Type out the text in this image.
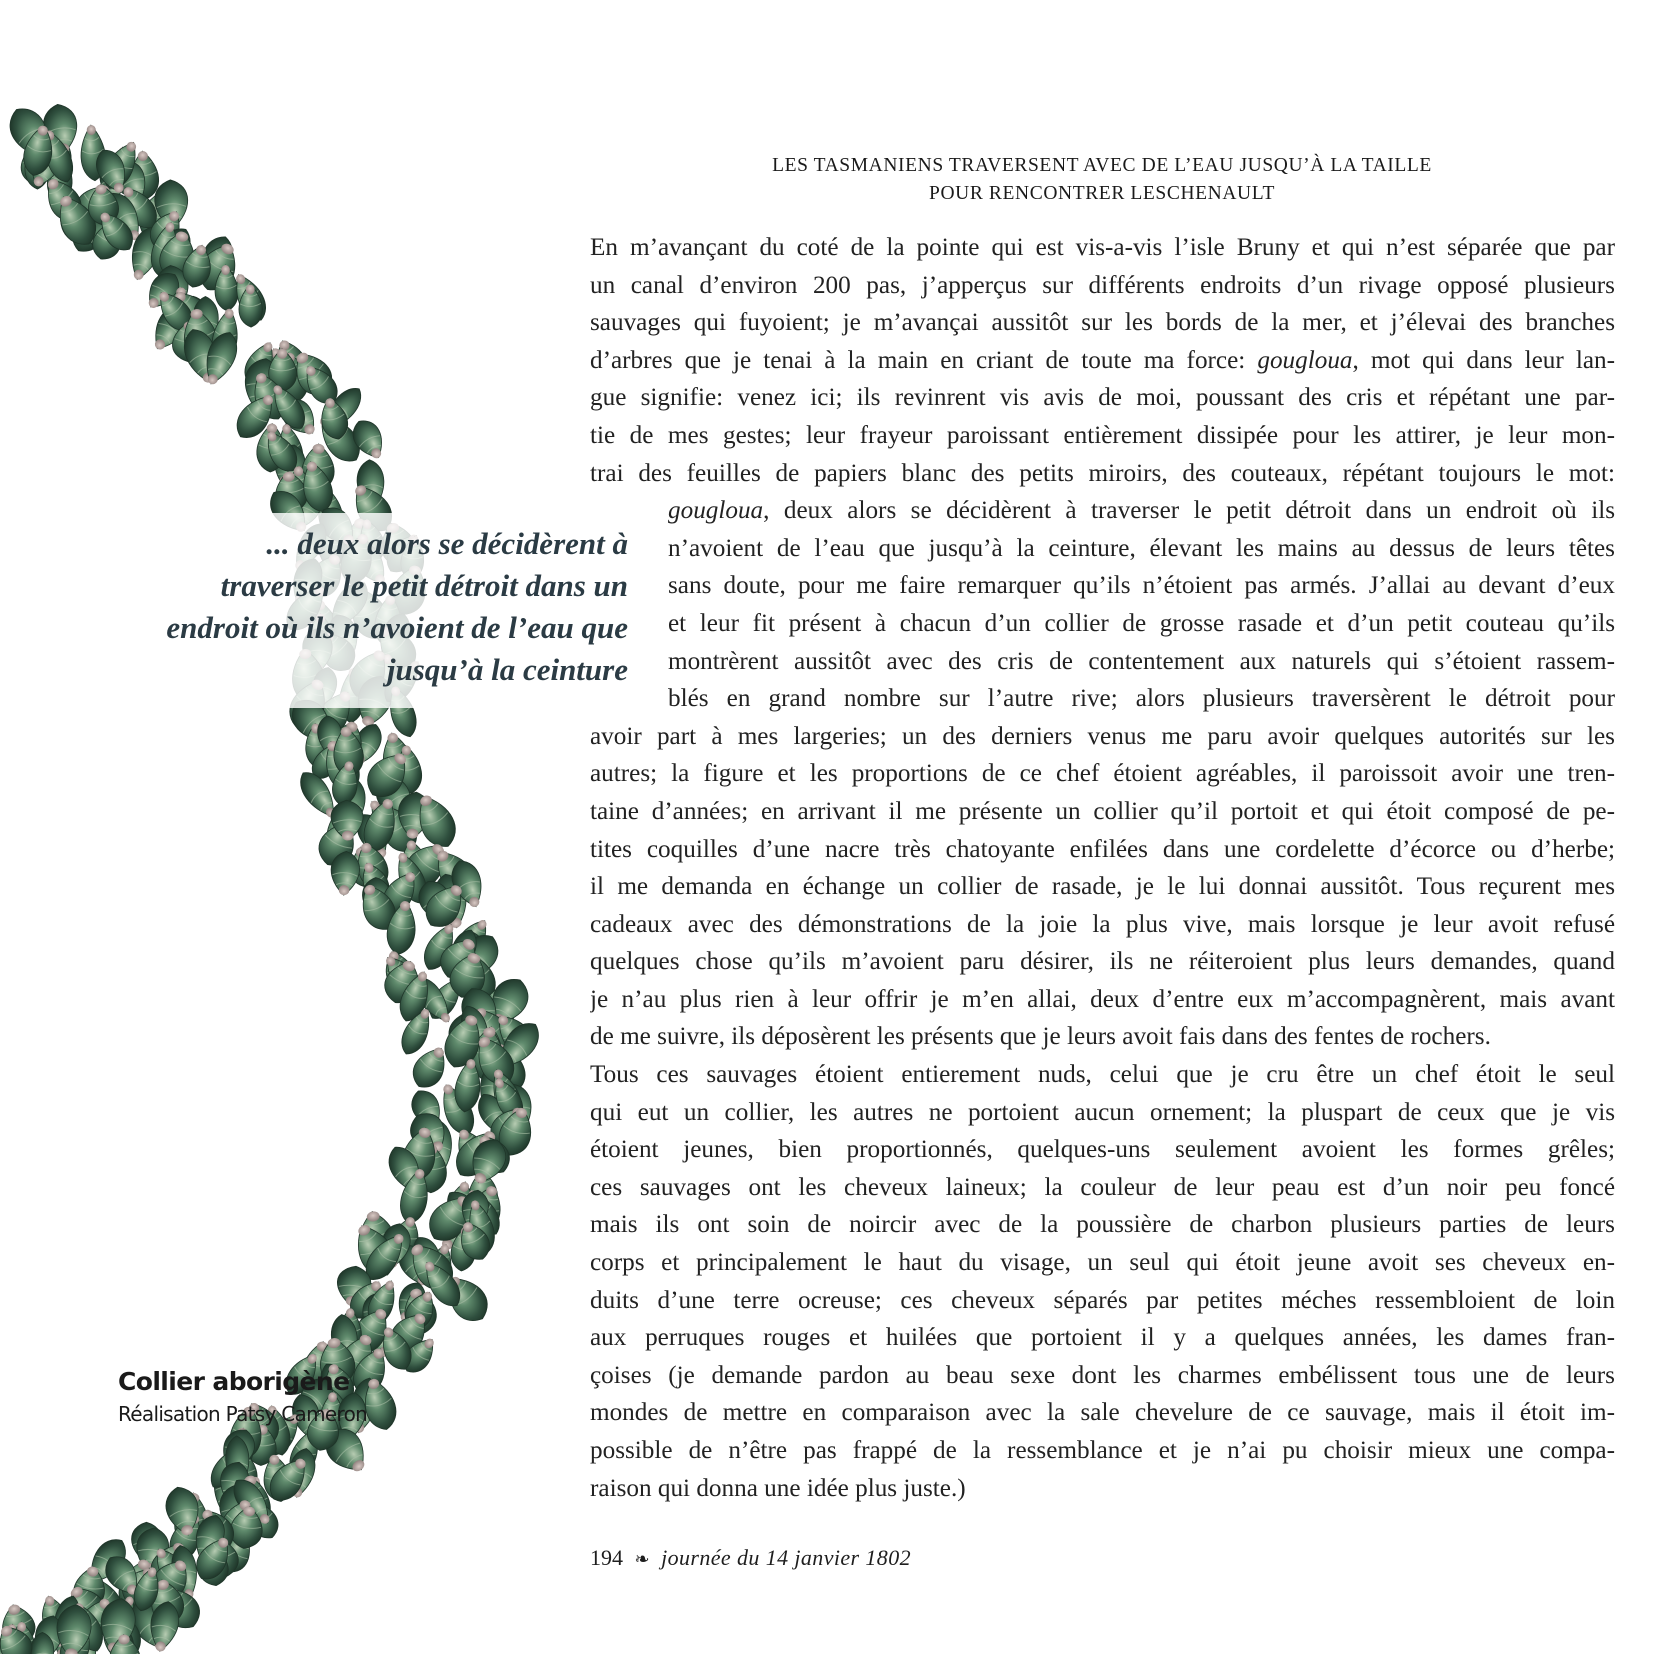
LES TASMANIENS TRAVERSENT AVEC DE L’EAU JUSQU’À LA TAILLE
POUR RENCONTRER LESCHENAULT
En m’avançant du coté de la pointe qui est vis-a-vis l’isle Bruny et qui n’est séparée que par
un canal d’environ 200 pas, j’apperçus sur différents endroits d’un rivage opposé plusieurs
sauvages qui fuyoient; je m’avançai aussitôt sur les bords de la mer, et j’élevai des branches
d’arbres que je tenai à la main en criant de toute ma force: gougloua, mot qui dans leur lan-
gue signifie: venez ici; ils revinrent vis avis de moi, poussant des cris et répétant une par-
tie de mes gestes; leur frayeur paroissant entièrement dissipée pour les attirer, je leur mon-
trai des feuilles de papiers blanc des petits miroirs, des couteaux, répétant toujours le mot:
gougloua, deux alors se décidèrent à traverser le petit détroit dans un endroit où ils
n’avoient de l’eau que jusqu’à la ceinture, élevant les mains au dessus de leurs têtes
sans doute, pour me faire remarquer qu’ils n’étoient pas armés. J’allai au devant d’eux
et leur fit présent à chacun d’un collier de grosse rasade et d’un petit couteau qu’ils
montrèrent aussitôt avec des cris de contentement aux naturels qui s’étoient rassem-
blés en grand nombre sur l’autre rive; alors plusieurs traversèrent le détroit pour
avoir part à mes largeries; un des derniers venus me paru avoir quelques autorités sur les
autres; la figure et les proportions de ce chef étoient agréables, il paroissoit avoir une tren-
taine d’années; en arrivant il me présente un collier qu’il portoit et qui étoit composé de pe-
tites coquilles d’une nacre très chatoyante enfilées dans une cordelette d’écorce ou d’herbe;
il me demanda en échange un collier de rasade, je le lui donnai aussitôt. Tous reçurent mes
cadeaux avec des démonstrations de la joie la plus vive, mais lorsque je leur avoit refusé
quelques chose qu’ils m’avoient paru désirer, ils ne réiteroient plus leurs demandes, quand
je n’au plus rien à leur offrir je m’en allai, deux d’entre eux m’accompagnèrent, mais avant
de me suivre, ils déposèrent les présents que je leurs avoit fais dans des fentes de rochers.
Tous ces sauvages étoient entierement nuds, celui que je cru être un chef étoit le seul
qui eut un collier, les autres ne portoient aucun ornement; la pluspart de ceux que je vis
étoient jeunes, bien proportionnés, quelques-uns seulement avoient les formes grêles;
ces sauvages ont les cheveux laineux; la couleur de leur peau est d’un noir peu foncé
mais ils ont soin de noircir avec de la poussière de charbon plusieurs parties de leurs
corps et principalement le haut du visage, un seul qui étoit jeune avoit ses cheveux en-
duits d’une terre ocreuse; ces cheveux séparés par petites méches ressembloient de loin
aux perruques rouges et huilées que portoient il y a quelques années, les dames fran-
çoises (je demande pardon au beau sexe dont les charmes embélissent tous une de leurs
mondes de mettre en comparaison avec la sale chevelure de ce sauvage, mais il étoit im-
possible de n’être pas frappé de la ressemblance et je n’ai pu choisir mieux une compa-
raison qui donna une idée plus juste.)
... deux alors se décidèrent à
traverser le petit détroit dans un
endroit où ils n’avoient de l’eau que
jusqu’à la ceinture
Collier aborigène
Réalisation Patsy Cameron
194 ❧ journée du 14 janvier 1802
